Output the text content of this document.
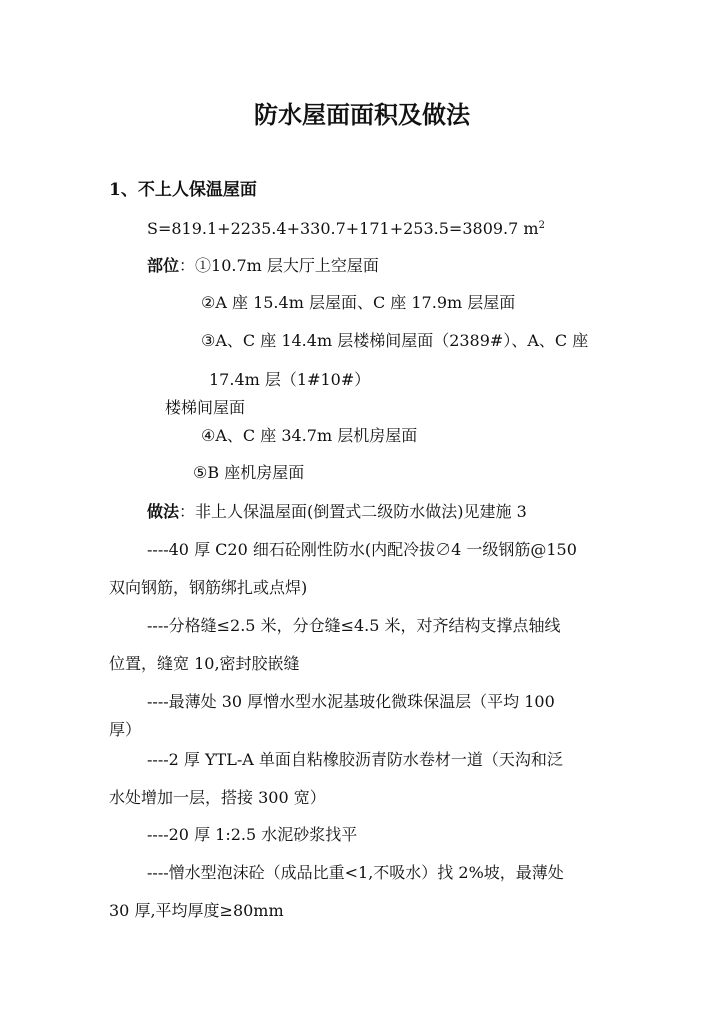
防水屋面面积及做法
1、不上人保温屋面
S=819.1+2235.4+330.7+171+253.5=3809.7 $m^2$
部位：①10.7m 层大厅上空屋面
②A 座 15.4m 层屋面、C 座 17.9m 层屋面
③A、C 座 14.4m 层楼梯间屋面（2389#）、A、C 座
17.4m 层（1#10#）
楼梯间屋面
④A、C 座 34.7m 层机房屋面
⑤B 座机房屋面
做法：非上人保温屋面(倒置式二级防水做法)见建施 3
----40 厚 C20 细石砼刚性防水(内配冷拔∅4 一级钢筋@150
双向钢筋，钢筋绑扎或点焊)
----分格缝≤2.5 米，分仓缝≤4.5 米，对齐结构支撑点轴线
位置，缝宽 10,密封胶嵌缝
----最薄处 30 厚憎水型水泥基玻化微珠保温层（平均 100
厚）
----2 厚 YTL-A 单面自粘橡胶沥青防水卷材一道（天沟和泛
水处增加一层，搭接 300 宽）
----20 厚 1:2.5 水泥砂浆找平
----憎水型泡沫砼（成品比重<1,不吸水）找 2%坡，最薄处
30 厚,平均厚度≥80mm
